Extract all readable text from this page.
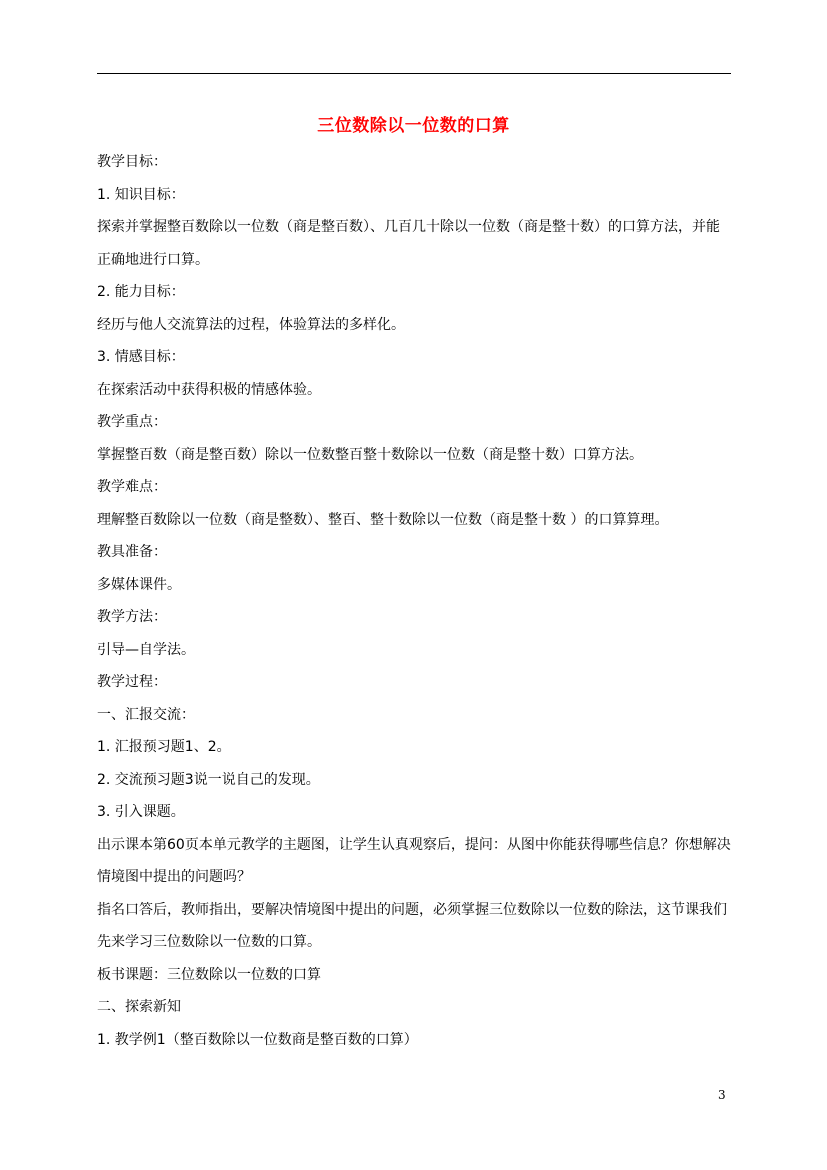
三位数除以一位数的口算

教学目标：

1. 知识目标：

探索并掌握整百数除以一位数（商是整百数）、几百几十除以一位数（商是整十数）的口算方法，并能正确地进行口算。

2. 能力目标：

经历与他人交流算法的过程，体验算法的多样化。

3. 情感目标：

在探索活动中获得积极的情感体验。

教学重点：

掌握整百数（商是整百数）除以一位数整百整十数除以一位数（商是整十数）口算方法。

教学难点：

理解整百数除以一位数（商是整数）、整百、整十数除以一位数（商是整十数 ）的口算算理。

教具准备：

多媒体课件。

教学方法：

引导—自学法。

教学过程：

一、汇报交流：

1. 汇报预习题1、2。

2. 交流预习题3说一说自己的发现。

3. 引入课题。

出示课本第60页本单元教学的主题图，让学生认真观察后，提问：从图中你能获得哪些信息？你想解决情境图中提出的问题吗？

指名口答后，教师指出，要解决情境图中提出的问题，必须掌握三位数除以一位数的除法，这节课我们先来学习三位数除以一位数的口算。

板书课题：三位数除以一位数的口算

二、探索新知

1. 教学例1（整百数除以一位数商是整百数的口算）

3
